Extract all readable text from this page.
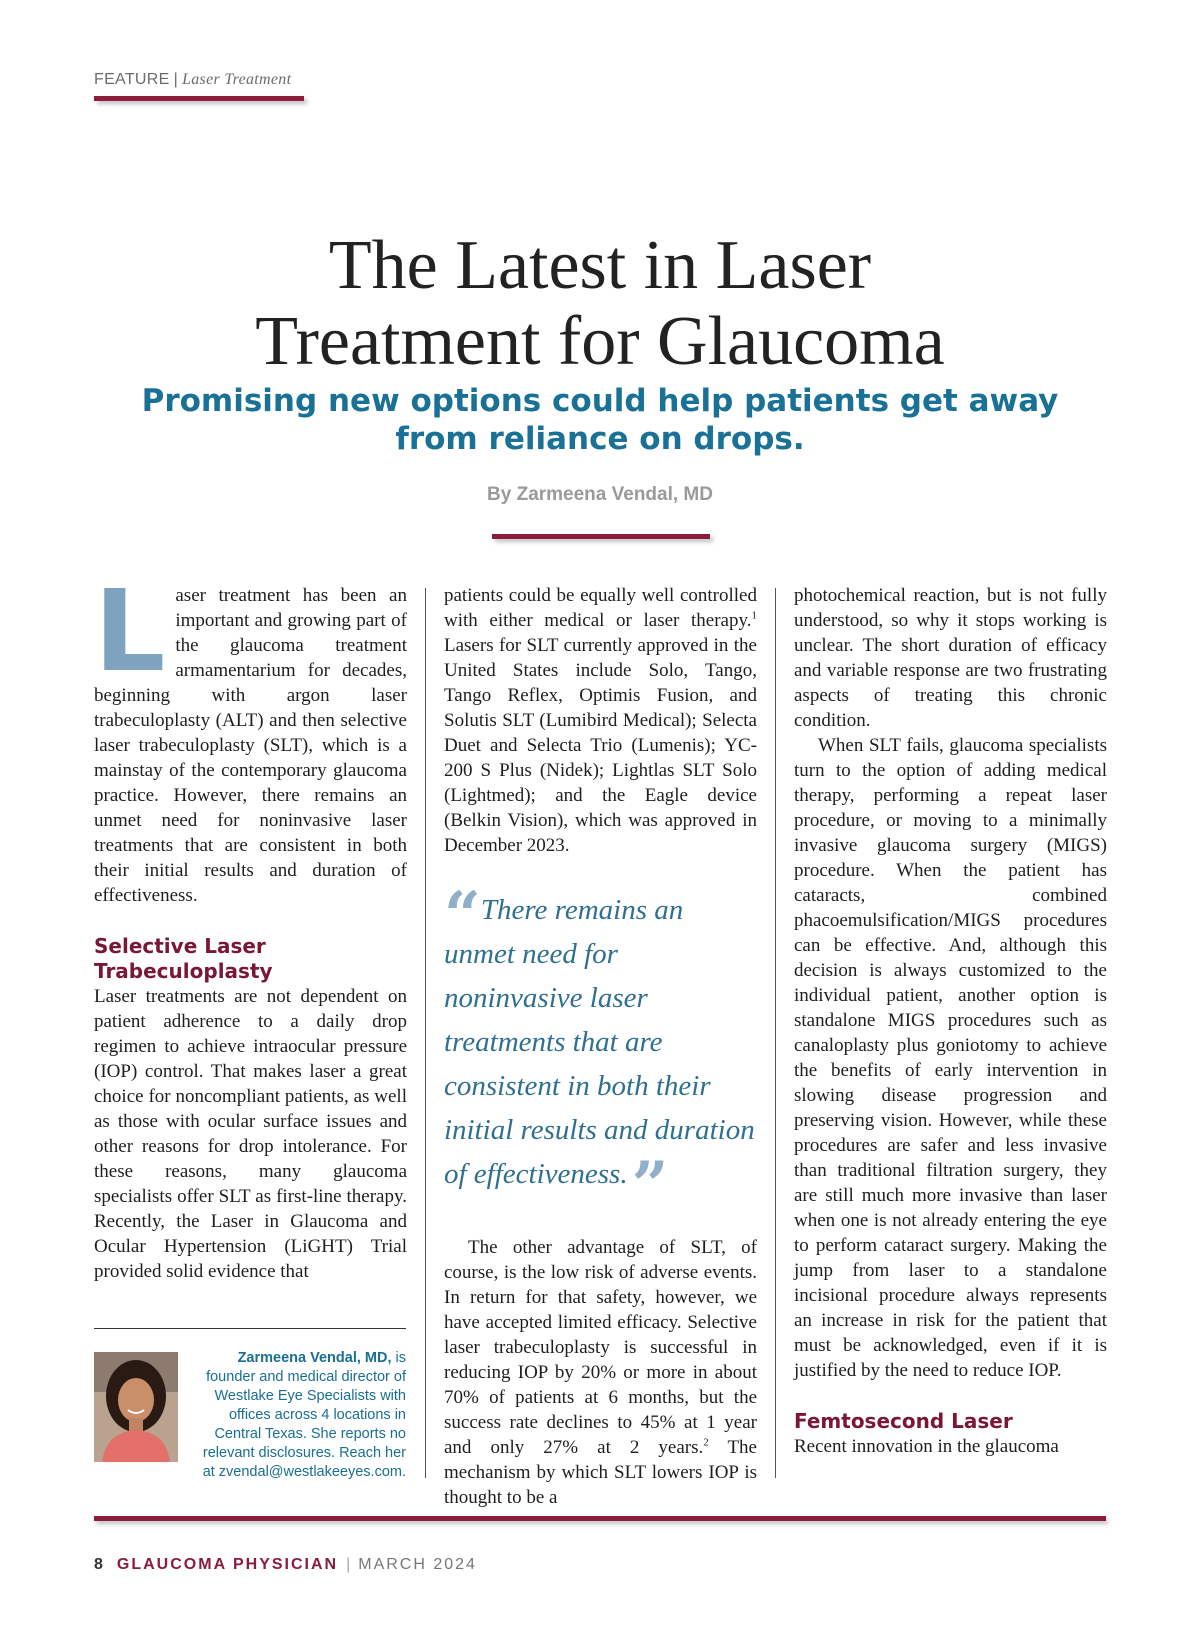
FEATURE | Laser Treatment
The Latest in Laser
Treatment for Glaucoma
Promising new options could help patients get away from reliance on drops.
By Zarmeena Vendal, MD

Laser treatment has been an important and growing part of the glaucoma treatment armamentarium for decades, beginning with argon laser trabeculoplasty (ALT) and then selective laser trabeculoplasty (SLT), which is a mainstay of the contemporary glaucoma practice. However, there remains an unmet need for noninvasive laser treatments that are consistent in both their initial results and duration of effectiveness.

Selective Laser Trabeculoplasty

Laser treatments are not dependent on patient adherence to a daily drop regimen to achieve intraocular pressure (IOP) control. That makes laser a great choice for noncompliant patients, as well as those with ocular surface issues and other reasons for drop intolerance. For these reasons, many glaucoma specialists offer SLT as first-line therapy. Recently, the Laser in Glaucoma and Ocular Hypertension (LiGHT) Trial provided solid evidence that

patients could be equally well controlled with either medical or laser therapy.$^1$ Lasers for SLT currently approved in the United States include Solo, Tango, Tango Reflex, Optimis Fusion, and Solutis SLT (Lumibird Medical); Selecta Duet and Selecta Trio (Lumenis); YC-200 S Plus (Nidek); Lightlas SLT Solo (Lightmed); and the Eagle device (Belkin Vision), which was approved in December 2023.

“There remains an unmet need for noninvasive laser treatments that are consistent in both their initial results and duration of effectiveness.”

The other advantage of SLT, of course, is the low risk of adverse events. In return for that safety, however, we have accepted limited efficacy. Selective laser trabeculoplasty is successful in reducing IOP by 20% or more in about 70% of patients at 6 months, but the success rate declines to 45% at 1 year and only 27% at 2 years.$^2$ The mechanism by which SLT lowers IOP is thought to be a

photochemical reaction, but is not fully understood, so why it stops working is unclear. The short duration of efficacy and variable response are two frustrating aspects of treating this chronic condition.

When SLT fails, glaucoma specialists turn to the option of adding medical therapy, performing a repeat laser procedure, or moving to a minimally invasive glaucoma surgery (MIGS) procedure. When the patient has cataracts, combined phacoemulsification/MIGS procedures can be effective. And, although this decision is always customized to the individual patient, another option is standalone MIGS procedures such as canaloplasty plus goniotomy to achieve the benefits of early intervention in slowing disease progression and preserving vision. However, while these procedures are safer and less invasive than traditional filtration surgery, they are still much more invasive than laser when one is not already entering the eye to perform cataract surgery. Making the jump from laser to a standalone incisional procedure always represents an increase in risk for the patient that must be acknowledged, even if it is justified by the need to reduce IOP.

Femtosecond Laser

Recent innovation in the glaucoma

Zarmeena Vendal, MD, is founder and medical director of Westlake Eye Specialists with offices across 4 locations in Central Texas. She reports no relevant disclosures. Reach her at zvendal@westlakeeyes.com.
8 GLAUCOMA PHYSICIAN | MARCH 2024
